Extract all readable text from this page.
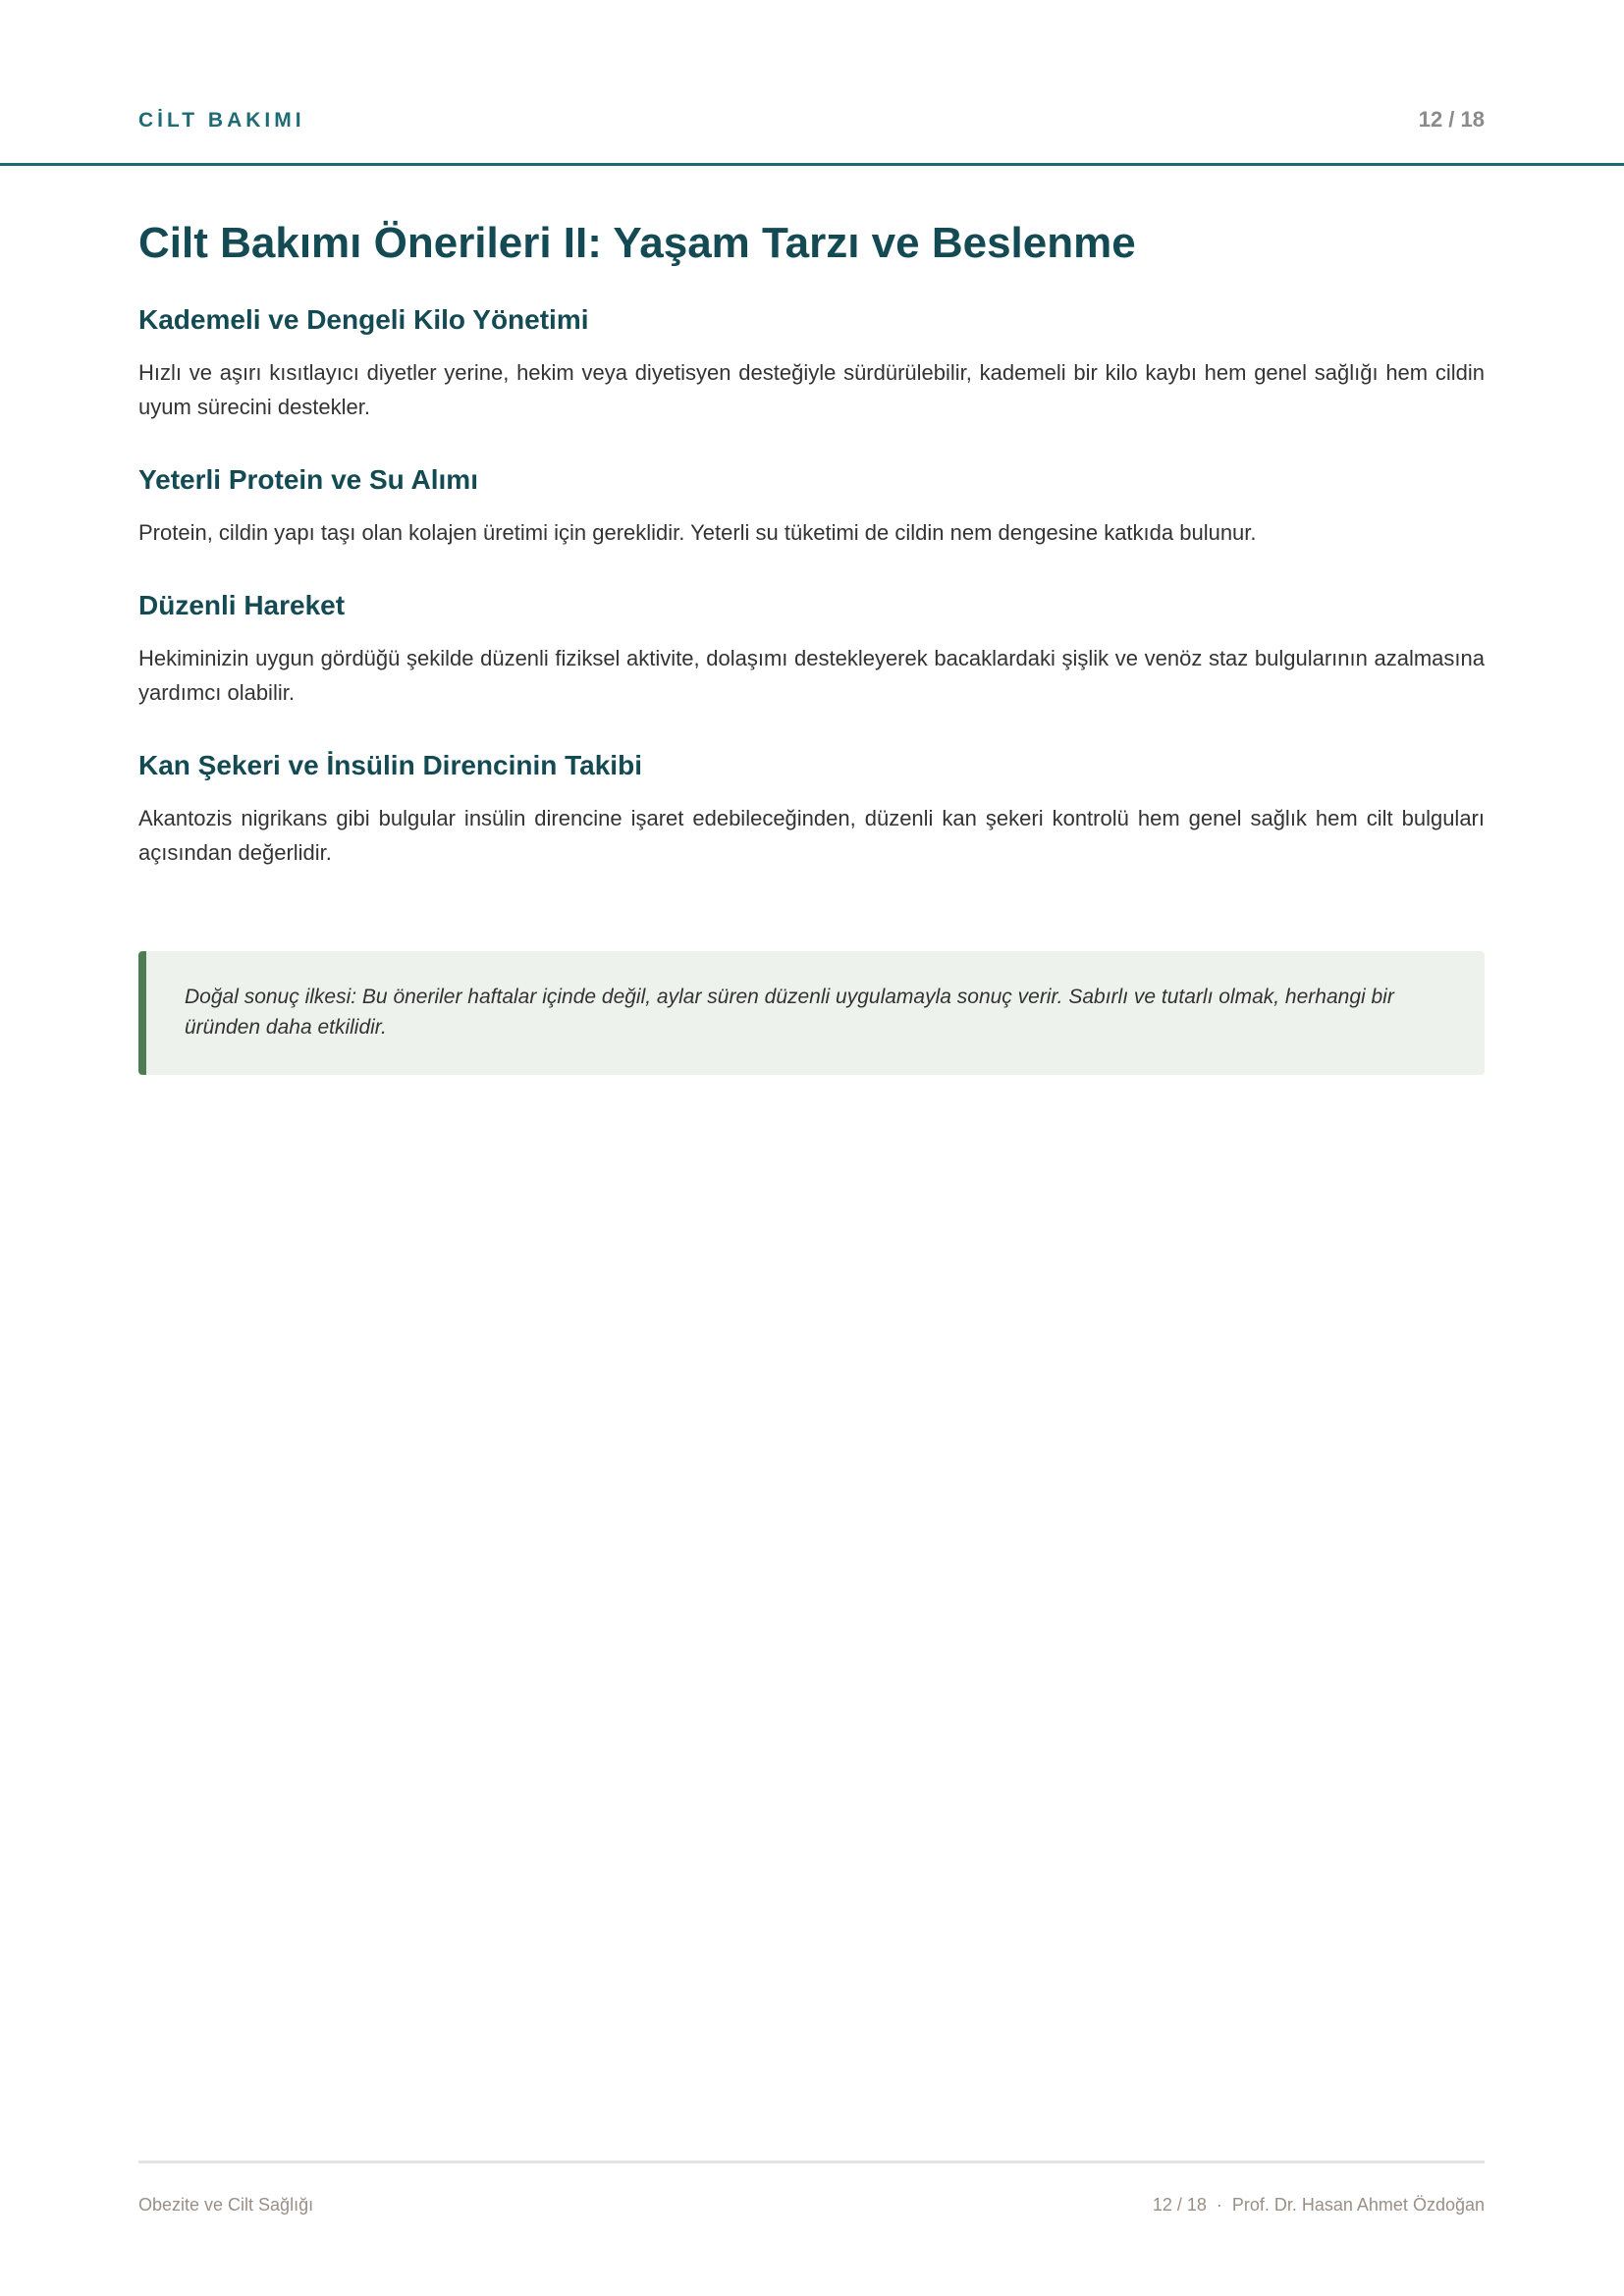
CİLT BAKIMI	12 / 18
Cilt Bakımı Önerileri II: Yaşam Tarzı ve Beslenme
Kademeli ve Dengeli Kilo Yönetimi

Hızlı ve aşırı kısıtlayıcı diyetler yerine, hekim veya diyetisyen desteğiyle sürdürülebilir, kademeli bir kilo kaybı hem genel sağlığı hem cildin uyum sürecini destekler.

Yeterli Protein ve Su Alımı

Protein, cildin yapı taşı olan kolajen üretimi için gereklidir. Yeterli su tüketimi de cildin nem dengesine katkıda bulunur.

Düzenli Hareket

Hekiminizin uygun gördüğü şekilde düzenli fiziksel aktivite, dolaşımı destekleyerek bacaklardaki şişlik ve venöz staz bulgularının azalmasına yardımcı olabilir.

Kan Şekeri ve İnsülin Direncinin Takibi

Akantozis nigrikans gibi bulgular insülin direncine işaret edebileceğinden, düzenli kan şekeri kontrolü hem genel sağlık hem cilt bulguları açısından değerlidir.

Doğal sonuç ilkesi: Bu öneriler haftalar içinde değil, aylar süren düzenli uygulamayla sonuç verir. Sabırlı ve tutarlı olmak, herhangi bir üründen daha etkilidir.

Obezite ve Cilt Sağlığı	12 / 18 · Prof. Dr. Hasan Ahmet Özdoğan
